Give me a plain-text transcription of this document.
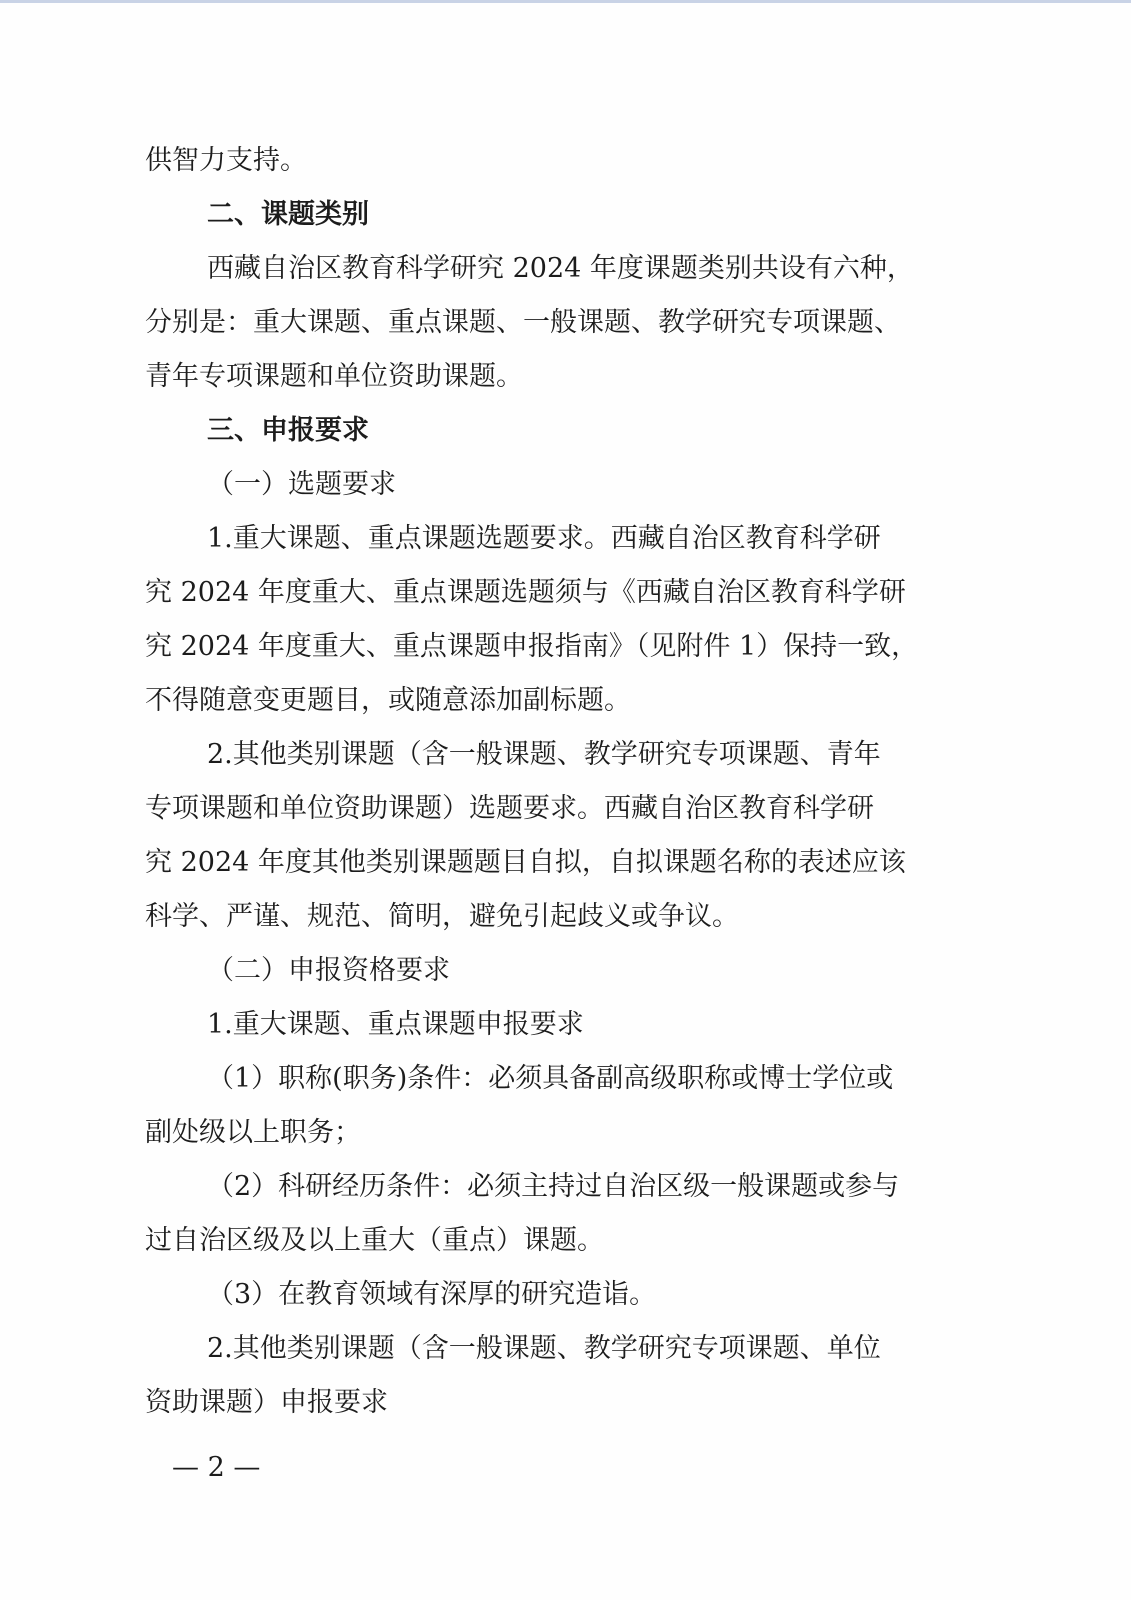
供智力支持。
二、课题类别
西藏自治区教育科学研究 2024 年度课题类别共设有六种，
分别是：重大课题、重点课题、一般课题、教学研究专项课题、
青年专项课题和单位资助课题。
三、申报要求
（一）选题要求
1.重大课题、重点课题选题要求。西藏自治区教育科学研
究 2024 年度重大、重点课题选题须与《西藏自治区教育科学研
究 2024 年度重大、重点课题申报指南》（见附件 1）保持一致，
不得随意变更题目，或随意添加副标题。
2.其他类别课题（含一般课题、教学研究专项课题、青年
专项课题和单位资助课题）选题要求。西藏自治区教育科学研
究 2024 年度其他类别课题题目自拟，自拟课题名称的表述应该
科学、严谨、规范、简明，避免引起歧义或争议。
（二）申报资格要求
1.重大课题、重点课题申报要求
（1）职称(职务)条件：必须具备副高级职称或博士学位或
副处级以上职务；
（2）科研经历条件：必须主持过自治区级一般课题或参与
过自治区级及以上重大（重点）课题。
（3）在教育领域有深厚的研究造诣。
2.其他类别课题（含一般课题、教学研究专项课题、单位
资助课题）申报要求
— 2 —
